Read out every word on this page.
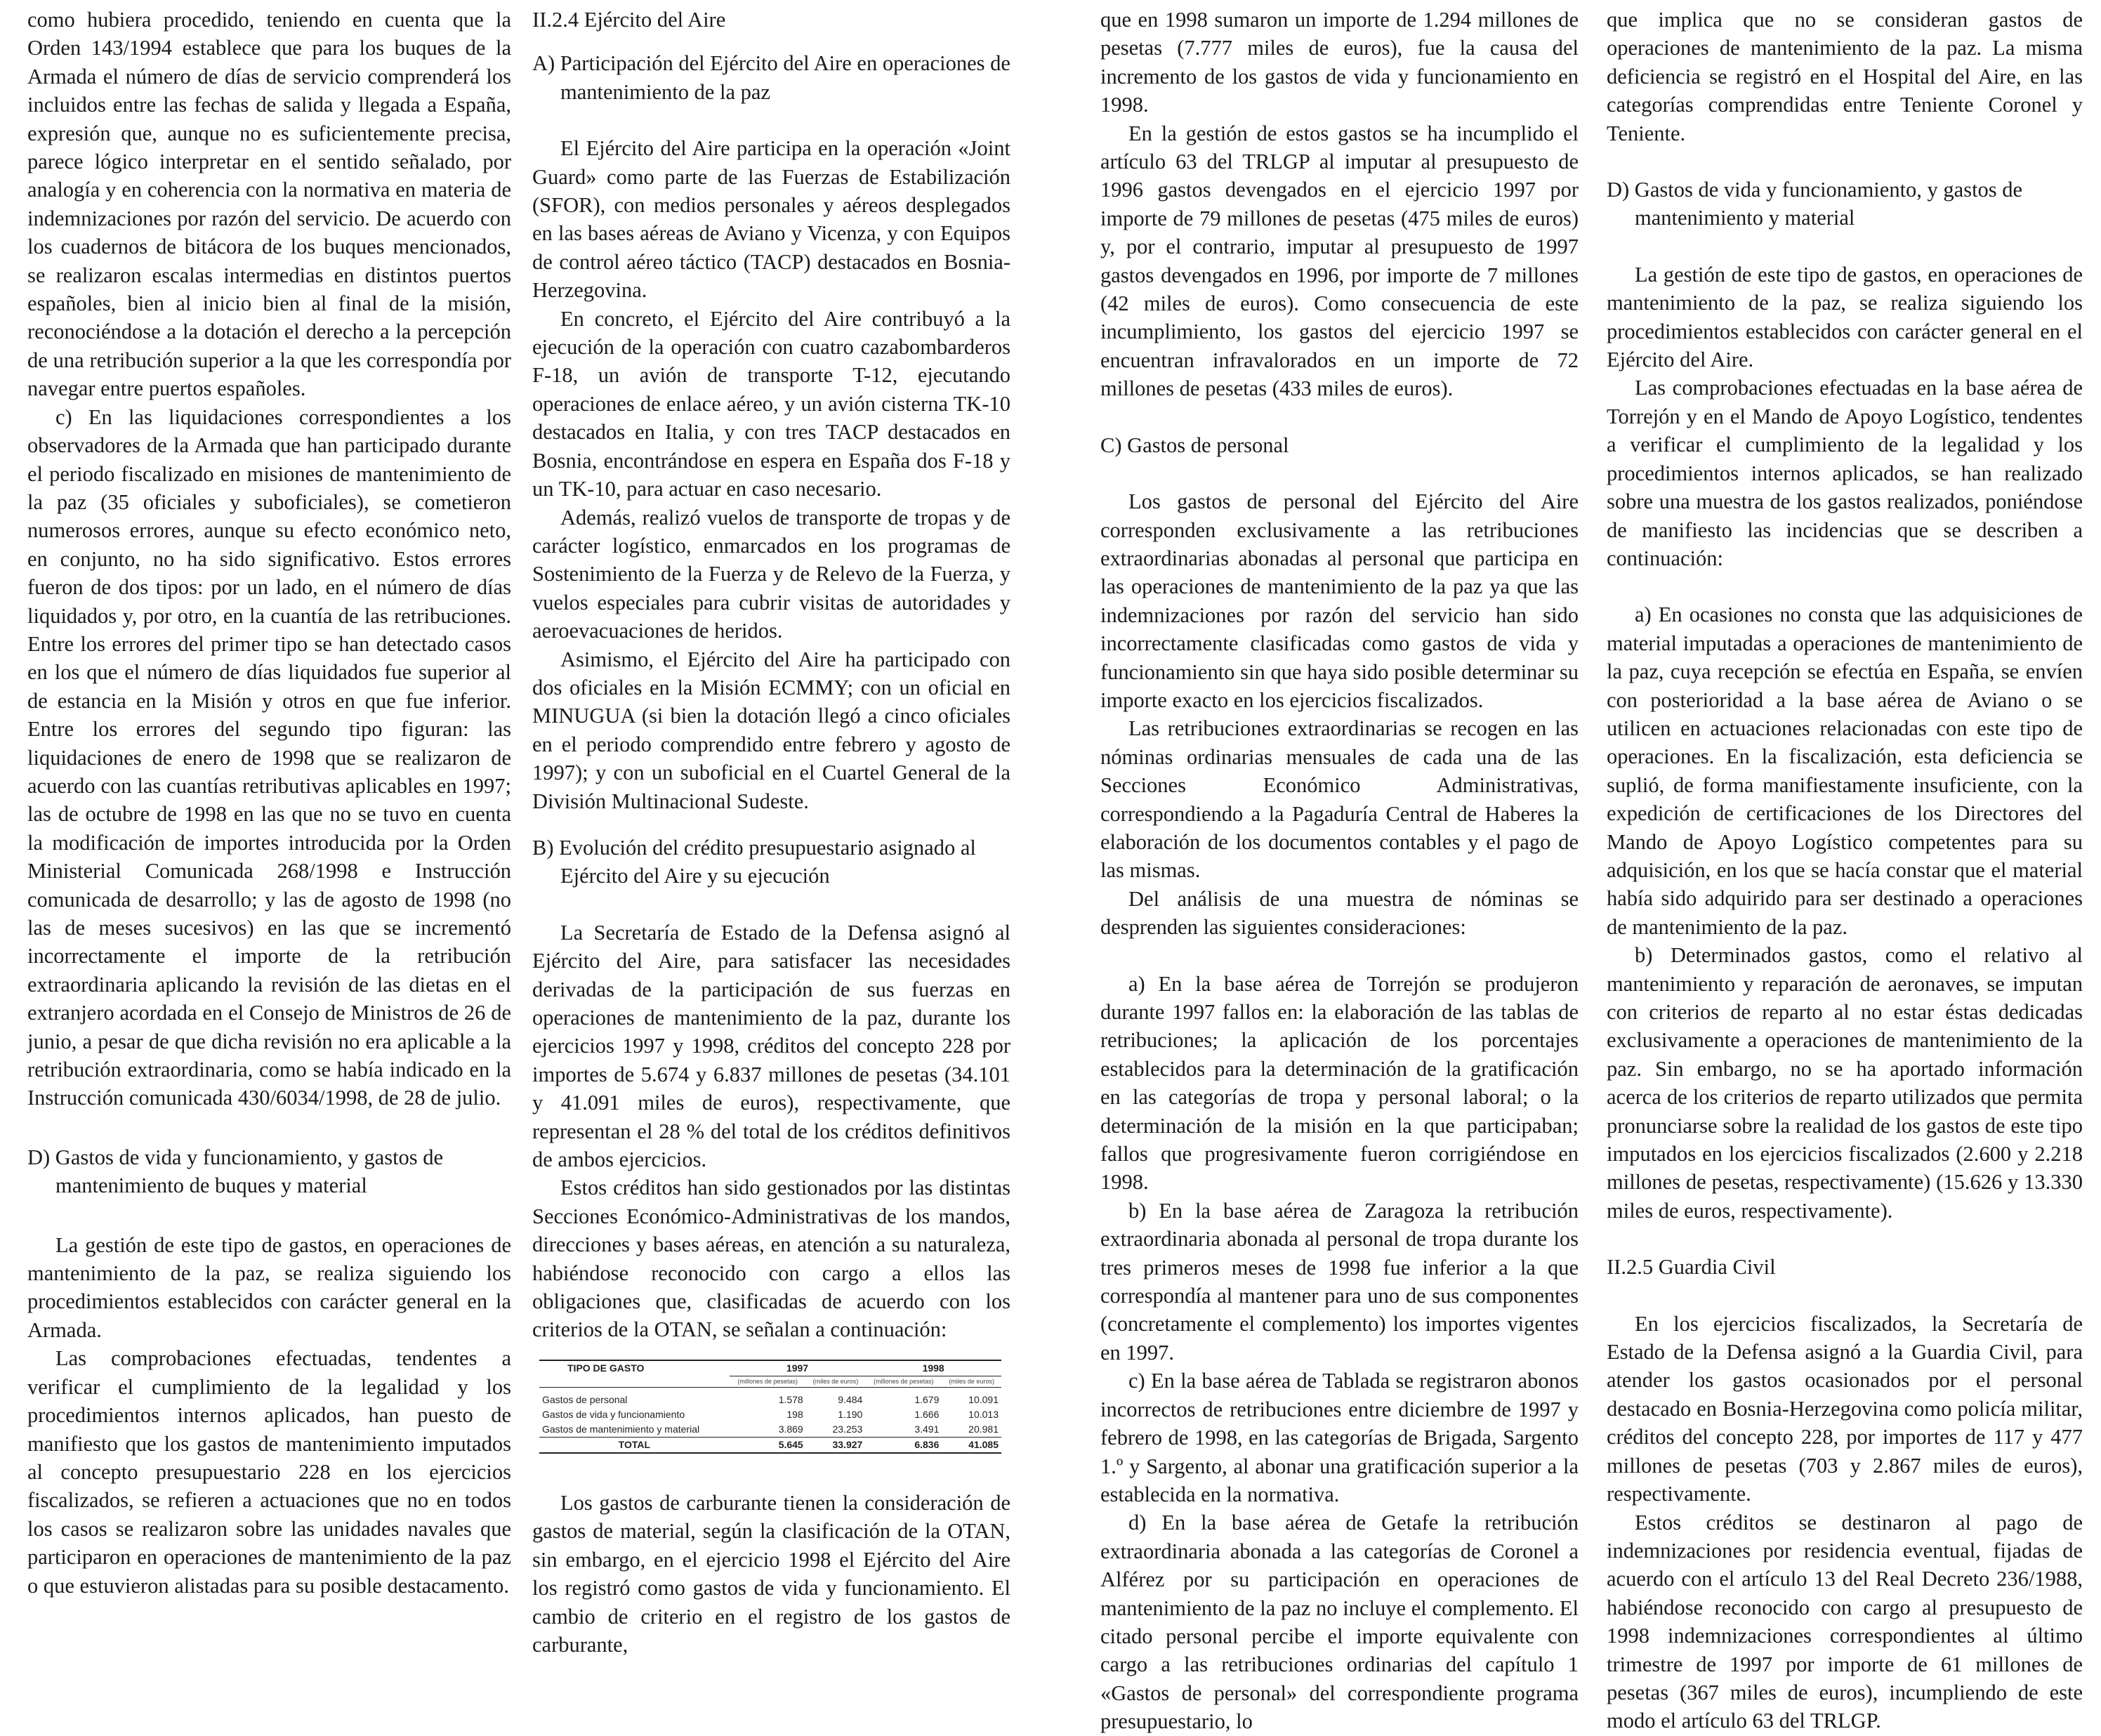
como hubiera procedido, teniendo en cuenta que la Orden 143/1994 establece que para los buques de la Armada el número de días de servicio comprenderá los incluidos entre las fechas de salida y llegada a España, expresión que, aunque no es suficientemente precisa, parece lógico interpretar en el sentido señalado, por analogía y en coherencia con la normativa en materia de indemnizaciones por razón del servicio. De acuerdo con los cuadernos de bitácora de los buques mencionados, se realizaron escalas intermedias en distintos puertos españoles, bien al inicio bien al final de la misión, reconociéndose a la dotación el derecho a la percepción de una retribución superior a la que les correspondía por navegar entre puertos españoles.

c) En las liquidaciones correspondientes a los observadores de la Armada que han participado durante el periodo fiscalizado en misiones de mantenimiento de la paz (35 oficiales y suboficiales), se cometieron numerosos errores, aunque su efecto económico neto, en conjunto, no ha sido significativo. Estos errores fueron de dos tipos: por un lado, en el número de días liquidados y, por otro, en la cuantía de las retribuciones. Entre los errores del primer tipo se han detectado casos en los que el número de días liquidados fue superior al de estancia en la Misión y otros en que fue inferior. Entre los errores del segundo tipo figuran: las liquidaciones de enero de 1998 que se realizaron de acuerdo con las cuantías retributivas aplicables en 1997; las de octubre de 1998 en las que no se tuvo en cuenta la modificación de importes introducida por la Orden Ministerial Comunicada 268/1998 e Instrucción comunicada de desarrollo; y las de agosto de 1998 (no las de meses sucesivos) en las que se incrementó incorrectamente el importe de la retribución extraordinaria aplicando la revisión de las dietas en el extranjero acordada en el Consejo de Ministros de 26 de junio, a pesar de que dicha revisión no era aplicable a la retribución extraordinaria, como se había indicado en la Instrucción comunicada 430/6034/1998, de 28 de julio.

D) Gastos de vida y funcionamiento, y gastos de mantenimiento de buques y material

La gestión de este tipo de gastos, en operaciones de mantenimiento de la paz, se realiza siguiendo los procedimientos establecidos con carácter general en la Armada.

Las comprobaciones efectuadas, tendentes a verificar el cumplimiento de la legalidad y los procedimientos internos aplicados, han puesto de manifiesto que los gastos de mantenimiento imputados al concepto presupuestario 228 en los ejercicios fiscalizados, se refieren a actuaciones que no en todos los casos se realizaron sobre las unidades navales que participaron en operaciones de mantenimiento de la paz o que estuvieron alistadas para su posible destacamento.

II.2.4 Ejército del Aire

A) Participación del Ejército del Aire en operaciones de mantenimiento de la paz

El Ejército del Aire participa en la operación «Joint Guard» como parte de las Fuerzas de Estabilización (SFOR), con medios personales y aéreos desplegados en las bases aéreas de Aviano y Vicenza, y con Equipos de control aéreo táctico (TACP) destacados en Bosnia-Herzegovina.

En concreto, el Ejército del Aire contribuyó a la ejecución de la operación con cuatro cazabombarderos F-18, un avión de transporte T-12, ejecutando operaciones de enlace aéreo, y un avión cisterna TK-10 destacados en Italia, y con tres TACP destacados en Bosnia, encontrándose en espera en España dos F-18 y un TK-10, para actuar en caso necesario.

Además, realizó vuelos de transporte de tropas y de carácter logístico, enmarcados en los programas de Sostenimiento de la Fuerza y de Relevo de la Fuerza, y vuelos especiales para cubrir visitas de autoridades y aeroevacuaciones de heridos.

Asimismo, el Ejército del Aire ha participado con dos oficiales en la Misión ECMMY; con un oficial en MINUGUA (si bien la dotación llegó a cinco oficiales en el periodo comprendido entre febrero y agosto de 1997); y con un suboficial en el Cuartel General de la División Multinacional Sudeste.

B) Evolución del crédito presupuestario asignado al Ejército del Aire y su ejecución

La Secretaría de Estado de la Defensa asignó al Ejército del Aire, para satisfacer las necesidades derivadas de la participación de sus fuerzas en operaciones de mantenimiento de la paz, durante los ejercicios 1997 y 1998, créditos del concepto 228 por importes de 5.674 y 6.837 millones de pesetas (34.101 y 41.091 miles de euros), respectivamente, que representan el 28 % del total de los créditos definitivos de ambos ejercicios.

Estos créditos han sido gestionados por las distintas Secciones Económico-Administrativas de los mandos, direcciones y bases aéreas, en atención a su naturaleza, habiéndose reconocido con cargo a ellos las obligaciones que, clasificadas de acuerdo con los criterios de la OTAN, se señalan a continuación:

TIPO DE GASTO	1997		1998	
	(millones de pesetas)	(miles de euros)	(millones de pesetas)	(miles de euros)
Gastos de personal	1.578	9.484	1.679	10.091
Gastos de vida y funcionamiento	198	1.190	1.666	10.013
Gastos de mantenimiento y material	3.869	23.253	3.491	20.981
TOTAL	5.645	33.927	6.836	41.085

Los gastos de carburante tienen la consideración de gastos de material, según la clasificación de la OTAN, sin embargo, en el ejercicio 1998 el Ejército del Aire los registró como gastos de vida y funcionamiento. El cambio de criterio en el registro de los gastos de carburante,

que en 1998 sumaron un importe de 1.294 millones de pesetas (7.777 miles de euros), fue la causa del incremento de los gastos de vida y funcionamiento en 1998.

En la gestión de estos gastos se ha incumplido el artículo 63 del TRLGP al imputar al presupuesto de 1996 gastos devengados en el ejercicio 1997 por importe de 79 millones de pesetas (475 miles de euros) y, por el contrario, imputar al presupuesto de 1997 gastos devengados en 1996, por importe de 7 millones (42 miles de euros). Como consecuencia de este incumplimiento, los gastos del ejercicio 1997 se encuentran infravalorados en un importe de 72 millones de pesetas (433 miles de euros).

C) Gastos de personal

Los gastos de personal del Ejército del Aire corresponden exclusivamente a las retribuciones extraordinarias abonadas al personal que participa en las operaciones de mantenimiento de la paz ya que las indemnizaciones por razón del servicio han sido incorrectamente clasificadas como gastos de vida y funcionamiento sin que haya sido posible determinar su importe exacto en los ejercicios fiscalizados.

Las retribuciones extraordinarias se recogen en las nóminas ordinarias mensuales de cada una de las Secciones Económico Administrativas, correspondiendo a la Pagaduría Central de Haberes la elaboración de los documentos contables y el pago de las mismas.

Del análisis de una muestra de nóminas se desprenden las siguientes consideraciones:

a) En la base aérea de Torrejón se produjeron durante 1997 fallos en: la elaboración de las tablas de retribuciones; la aplicación de los porcentajes establecidos para la determinación de la gratificación en las categorías de tropa y personal laboral; o la determinación de la misión en la que participaban; fallos que progresivamente fueron corrigiéndose en 1998.

b) En la base aérea de Zaragoza la retribución extraordinaria abonada al personal de tropa durante los tres primeros meses de 1998 fue inferior a la que correspondía al mantener para uno de sus componentes (concretamente el complemento) los importes vigentes en 1997.

c) En la base aérea de Tablada se registraron abonos incorrectos de retribuciones entre diciembre de 1997 y febrero de 1998, en las categorías de Brigada, Sargento 1.º y Sargento, al abonar una gratificación superior a la establecida en la normativa.

d) En la base aérea de Getafe la retribución extraordinaria abonada a las categorías de Coronel a Alférez por su participación en operaciones de mantenimiento de la paz no incluye el complemento. El citado personal percibe el importe equivalente con cargo a las retribuciones ordinarias del capítulo 1 «Gastos de personal» del correspondiente programa presupuestario, lo

que implica que no se consideran gastos de operaciones de mantenimiento de la paz. La misma deficiencia se registró en el Hospital del Aire, en las categorías comprendidas entre Teniente Coronel y Teniente.

D) Gastos de vida y funcionamiento, y gastos de mantenimiento y material

La gestión de este tipo de gastos, en operaciones de mantenimiento de la paz, se realiza siguiendo los procedimientos establecidos con carácter general en el Ejército del Aire.

Las comprobaciones efectuadas en la base aérea de Torrejón y en el Mando de Apoyo Logístico, tendentes a verificar el cumplimiento de la legalidad y los procedimientos internos aplicados, se han realizado sobre una muestra de los gastos realizados, poniéndose de manifiesto las incidencias que se describen a continuación:

a) En ocasiones no consta que las adquisiciones de material imputadas a operaciones de mantenimiento de la paz, cuya recepción se efectúa en España, se envíen con posterioridad a la base aérea de Aviano o se utilicen en actuaciones relacionadas con este tipo de operaciones. En la fiscalización, esta deficiencia se suplió, de forma manifiestamente insuficiente, con la expedición de certificaciones de los Directores del Mando de Apoyo Logístico competentes para su adquisición, en los que se hacía constar que el material había sido adquirido para ser destinado a operaciones de mantenimiento de la paz.

b) Determinados gastos, como el relativo al mantenimiento y reparación de aeronaves, se imputan con criterios de reparto al no estar éstas dedicadas exclusivamente a operaciones de mantenimiento de la paz. Sin embargo, no se ha aportado información acerca de los criterios de reparto utilizados que permita pronunciarse sobre la realidad de los gastos de este tipo imputados en los ejercicios fiscalizados (2.600 y 2.218 millones de pesetas, respectivamente) (15.626 y 13.330 miles de euros, respectivamente).

II.2.5 Guardia Civil

En los ejercicios fiscalizados, la Secretaría de Estado de la Defensa asignó a la Guardia Civil, para atender los gastos ocasionados por el personal destacado en Bosnia-Herzegovina como policía militar, créditos del concepto 228, por importes de 117 y 477 millones de pesetas (703 y 2.867 miles de euros), respectivamente.

Estos créditos se destinaron al pago de indemnizaciones por residencia eventual, fijadas de acuerdo con el artículo 13 del Real Decreto 236/1988, habiéndose reconocido con cargo al presupuesto de 1998 indemnizaciones correspondientes al último trimestre de 1997 por importe de 61 millones de pesetas (367 miles de euros), incumpliendo de este modo el artículo 63 del TRLGP.
